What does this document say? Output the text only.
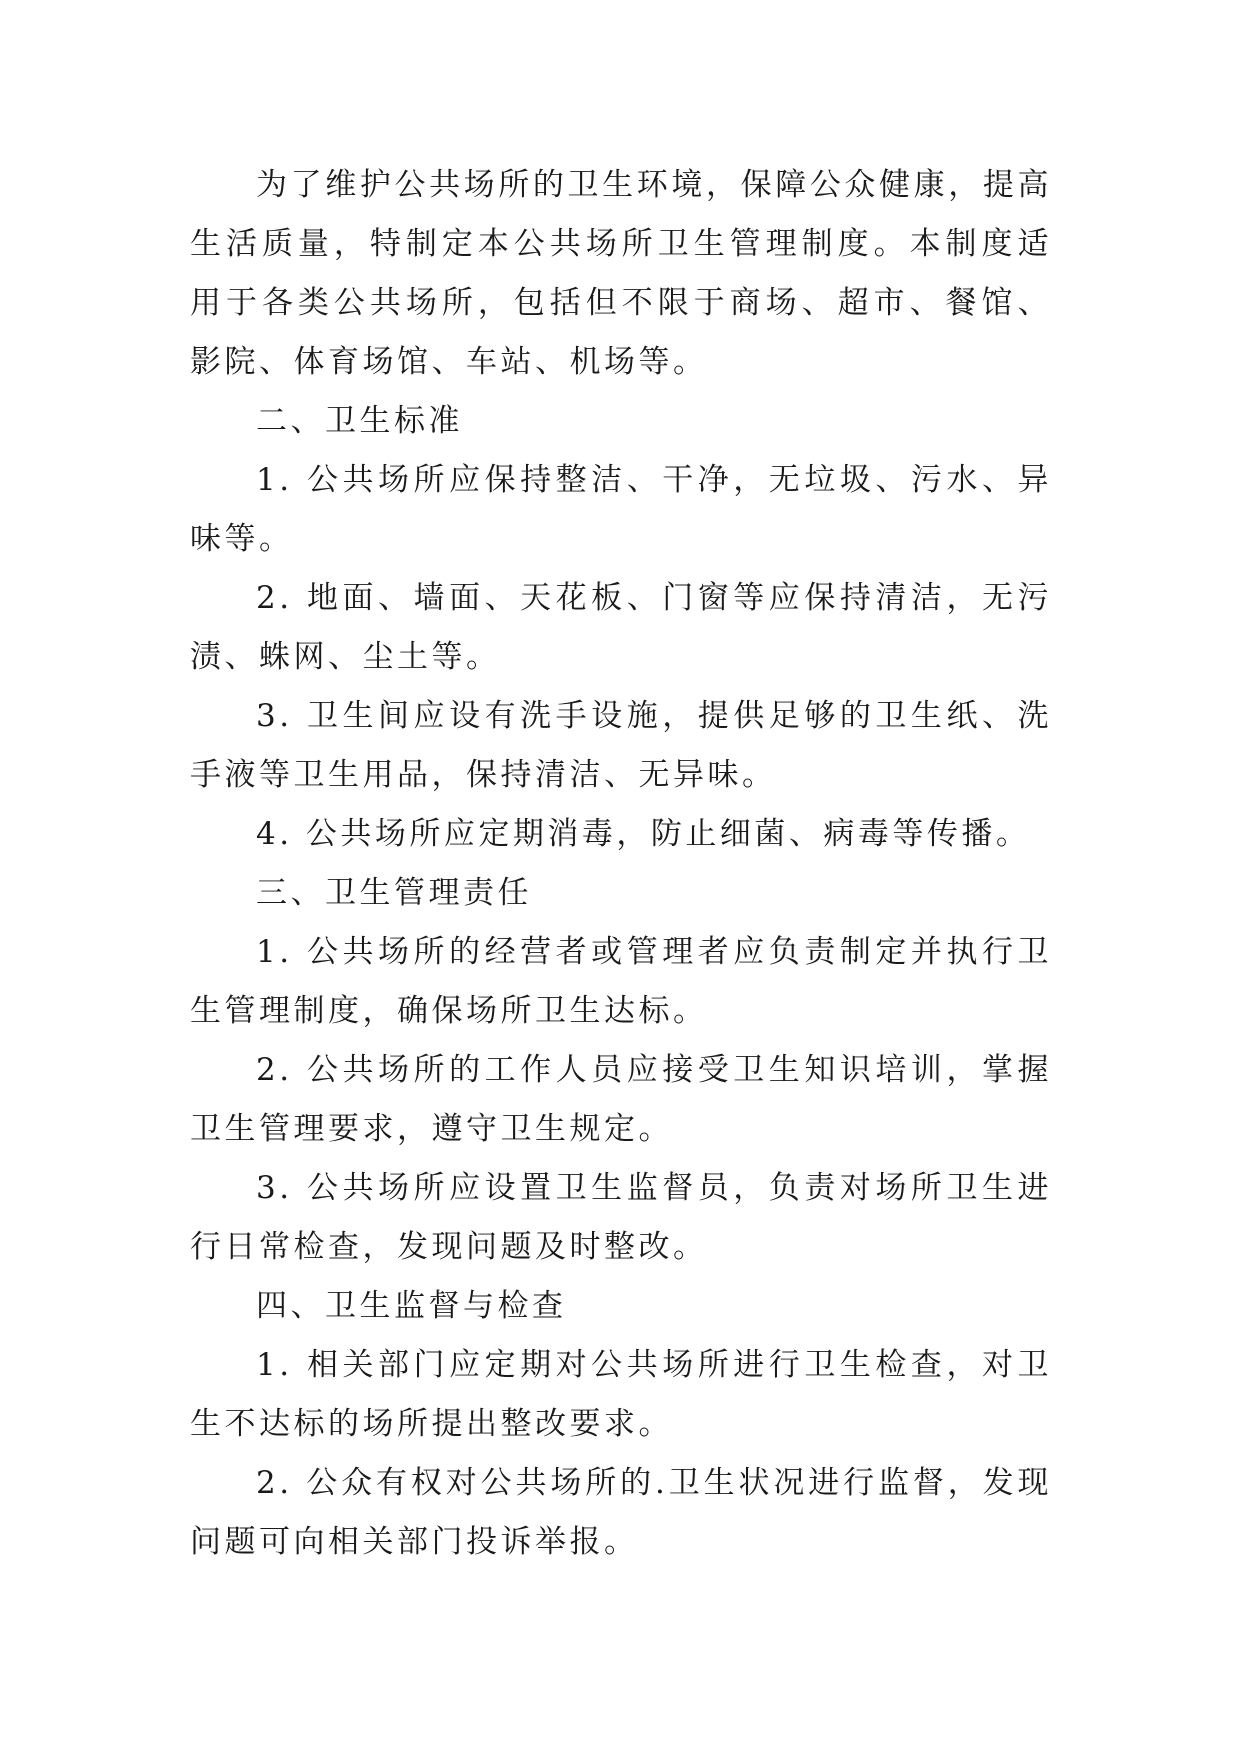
为了维护公共场所的卫生环境，保障公众健康，提高生活质量，特制定本公共场所卫生管理制度。本制度适用于各类公共场所，包括但不限于商场、超市、餐馆、影院、体育场馆、车站、机场等。

二、卫生标准

1. 公共场所应保持整洁、干净，无垃圾、污水、异味等。

2. 地面、墙面、天花板、门窗等应保持清洁，无污渍、蛛网、尘土等。

3. 卫生间应设有洗手设施，提供足够的卫生纸、洗手液等卫生用品，保持清洁、无异味。

4. 公共场所应定期消毒，防止细菌、病毒等传播。

三、卫生管理责任

1. 公共场所的经营者或管理者应负责制定并执行卫生管理制度，确保场所卫生达标。

2. 公共场所的工作人员应接受卫生知识培训，掌握卫生管理要求，遵守卫生规定。

3. 公共场所应设置卫生监督员，负责对场所卫生进行日常检查，发现问题及时整改。

四、卫生监督与检查

1. 相关部门应定期对公共场所进行卫生检查，对卫生不达标的场所提出整改要求。

2. 公众有权对公共场所的.卫生状况进行监督，发现问题可向相关部门投诉举报。
